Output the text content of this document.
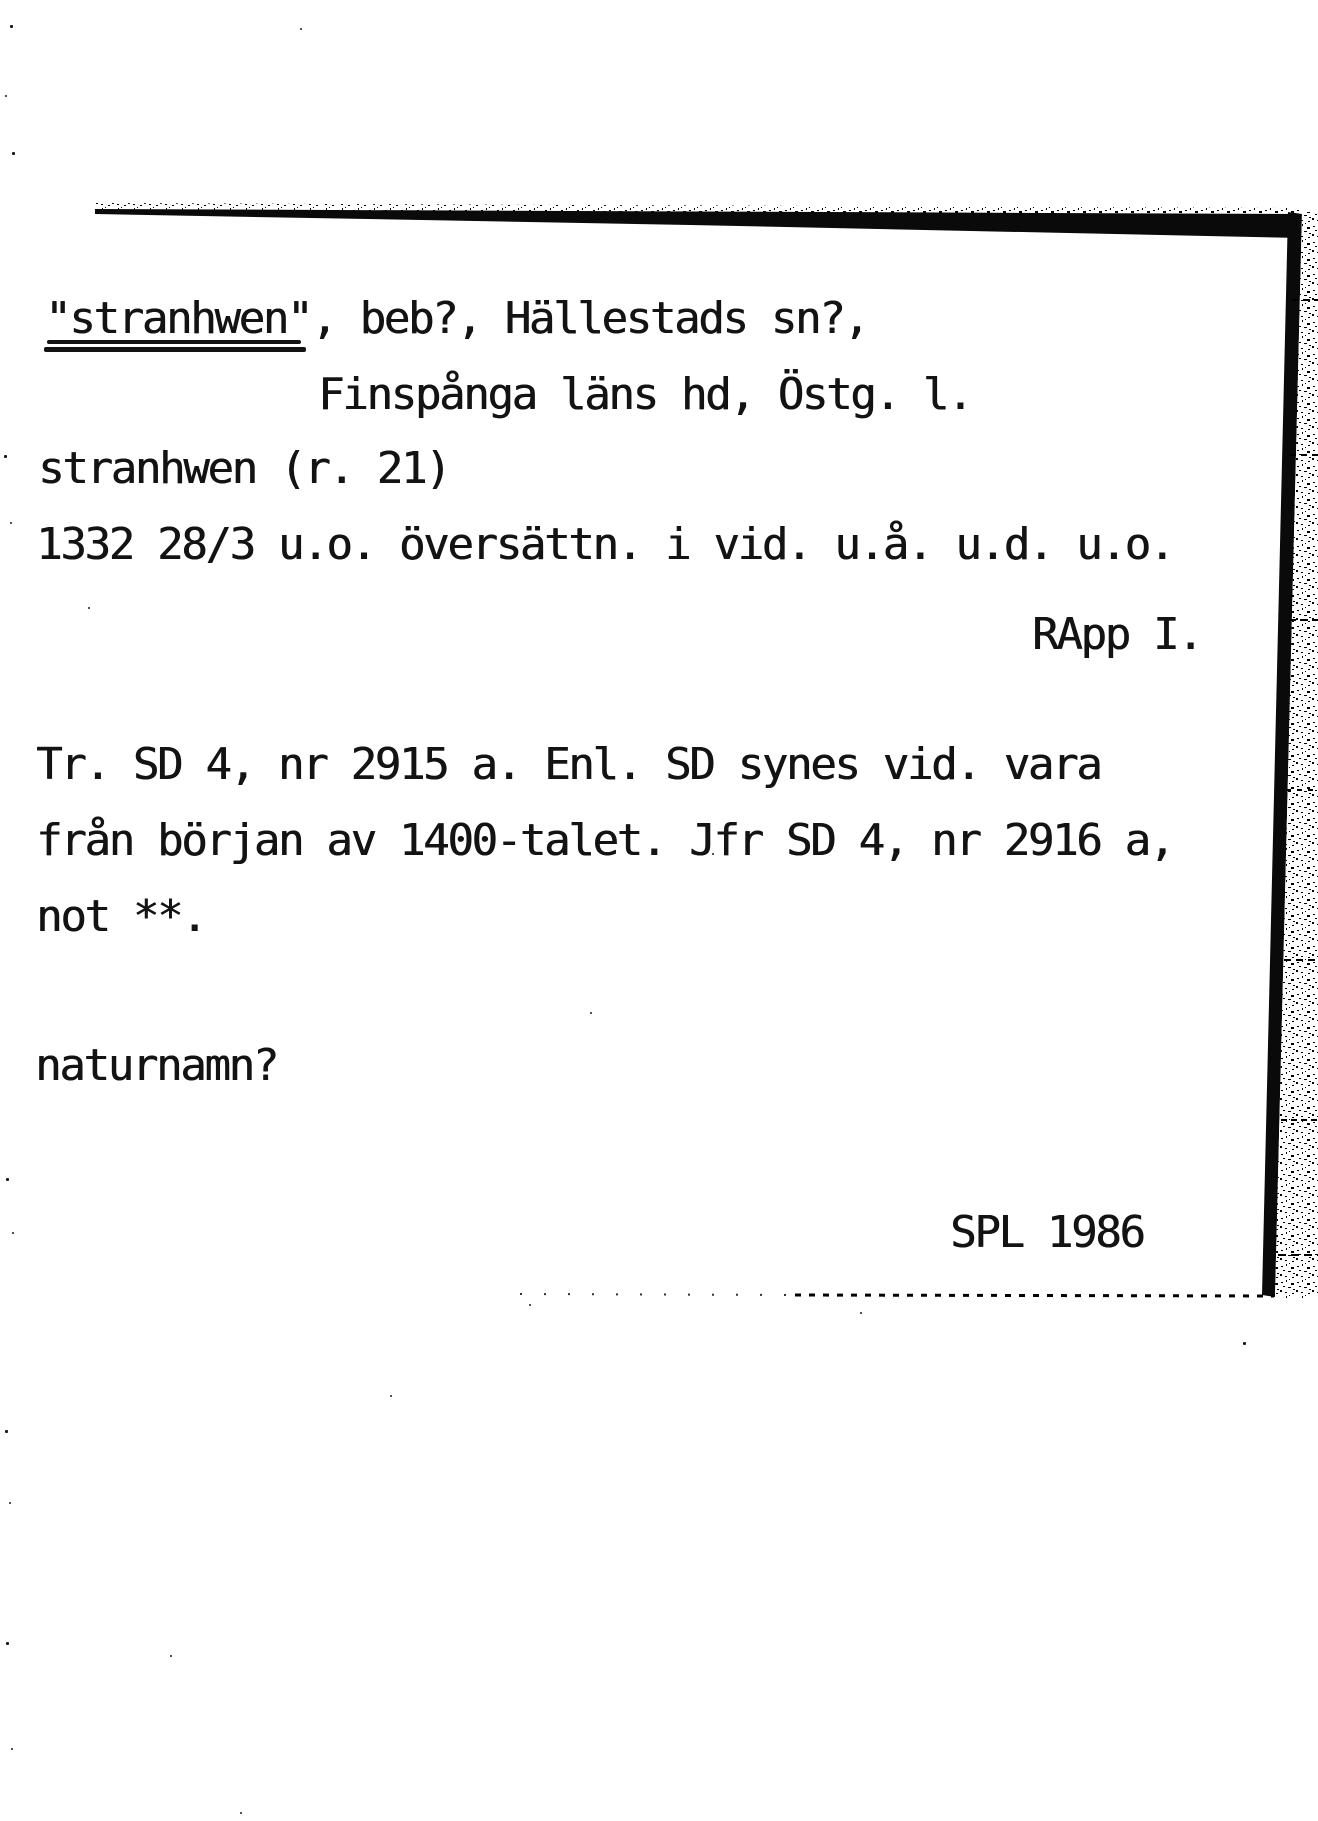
"stranhwen", beb?, Hällestads sn?,
Finspånga läns hd, Östg. l.
stranhwen (r. 21)
1332 28/3 u.o. översättn. i vid. u.å. u.d. u.o.
RApp I.
Tr. SD 4, nr 2915 a. Enl. SD synes vid. vara
från början av 1400-talet. Jfr SD 4, nr 2916 a,
not **.
naturnamn?
SPL 1986
